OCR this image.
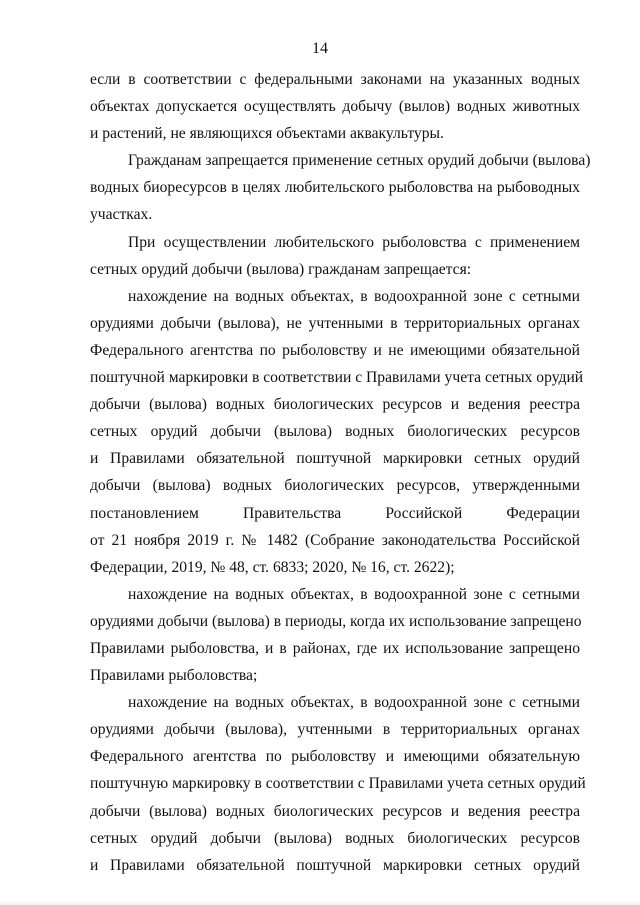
14
если в соответствии с федеральными законами на указанных водных
объектах допускается осуществлять добычу (вылов) водных животных
и растений, не являющихся объектами аквакультуры.
Гражданам запрещается применение сетных орудий добычи (вылова)
водных биоресурсов в целях любительского рыболовства на рыбоводных
участках.
При осуществлении любительского рыболовства с применением
сетных орудий добычи (вылова) гражданам запрещается:
нахождение на водных объектах, в водоохранной зоне с сетными
орудиями добычи (вылова), не учтенными в территориальных органах
Федерального агентства по рыболовству и не имеющими обязательной
поштучной маркировки в соответствии с Правилами учета сетных орудий
добычи (вылова) водных биологических ресурсов и ведения реестра
сетных орудий добычи (вылова) водных биологических ресурсов
и Правилами обязательной поштучной маркировки сетных орудий
добычи (вылова) водных биологических ресурсов, утвержденными
постановлением Правительства Российской Федерации
от 21 ноября 2019 г. № 1482 (Собрание законодательства Российской
Федерации, 2019, № 48, ст. 6833; 2020, № 16, ст. 2622);
нахождение на водных объектах, в водоохранной зоне с сетными
орудиями добычи (вылова) в периоды, когда их использование запрещено
Правилами рыболовства, и в районах, где их использование запрещено
Правилами рыболовства;
нахождение на водных объектах, в водоохранной зоне с сетными
орудиями добычи (вылова), учтенными в территориальных органах
Федерального агентства по рыболовству и имеющими обязательную
поштучную маркировку в соответствии с Правилами учета сетных орудий
добычи (вылова) водных биологических ресурсов и ведения реестра
сетных орудий добычи (вылова) водных биологических ресурсов
и Правилами обязательной поштучной маркировки сетных орудий
